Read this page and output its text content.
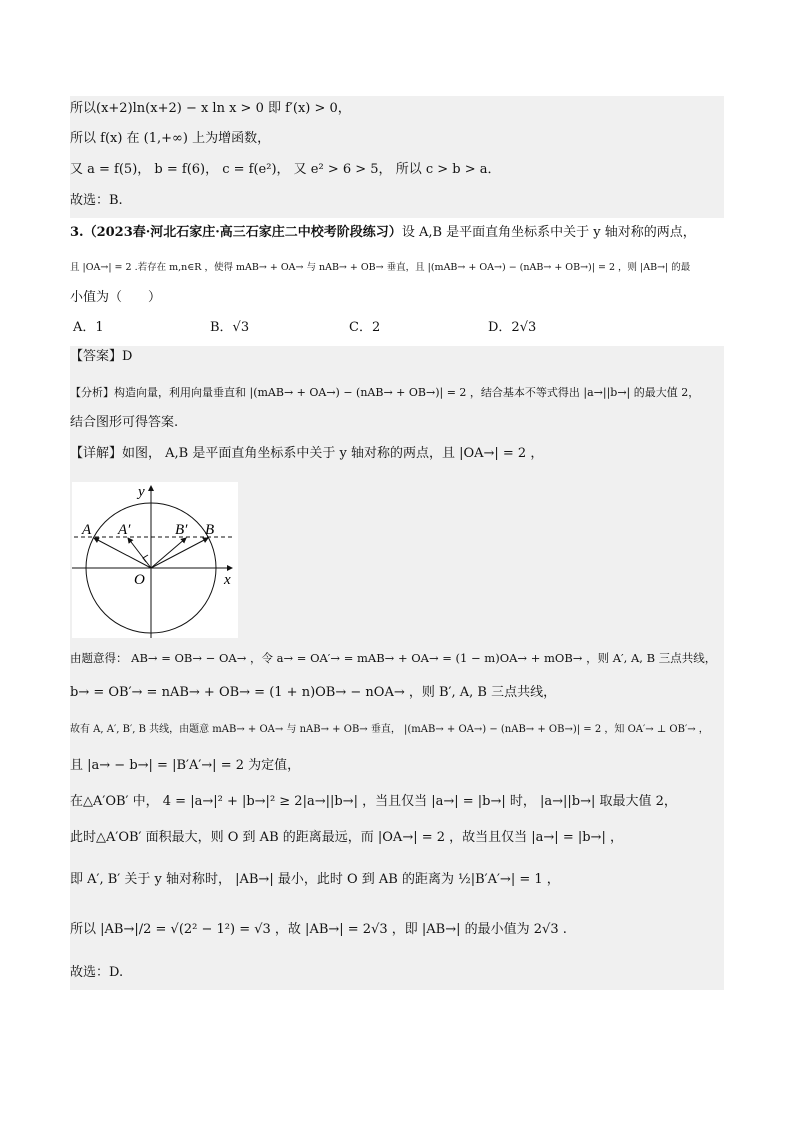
所以(x+2)ln(x+2) − x ln x > 0 即 f′(x) > 0，
所以 f(x) 在 (1,+∞) 上为增函数，
又 a = f(5)， b = f(6)， c = f(e²)， 又 e² > 6 > 5， 所以 c > b > a．
故选：B.
3.（2023春·河北石家庄·高三石家庄二中校考阶段练习）设 A,B 是平面直角坐标系中关于 y 轴对称的两点，
且 |OA→| = 2 .若存在 m,n∈R ，使得 mAB→ + OA→ 与 nAB→ + OB→ 垂直，且 |(mAB→ + OA→) − (nAB→ + OB→)| = 2 ，则 |AB→| 的最
小值为（　　）
A．1	B．√3	C．2	D．2√3
【答案】D
【分析】构造向量，利用向量垂直和 |(mAB→ + OA→) − (nAB→ + OB→)| = 2 ，结合基本不等式得出 |a→||b→| 的最大值 2，
结合图形可得答案.
【详解】如图， A,B 是平面直角坐标系中关于 y 轴对称的两点，且 |OA→| = 2 ，
A A′	B′ B
O	x
y
由题意得： AB→ = OB→ − OA→ ，令 a→ = OA′→ = mAB→ + OA→ = (1 − m)OA→ + mOB→ ，则 A′, A, B 三点共线，
b→ = OB′→ = nAB→ + OB→ = (1 + n)OB→ − nOA→ ，则 B′, A, B 三点共线，
故有 A, A′, B′, B 共线，由题意 mAB→ + OA→ 与 nAB→ + OB→ 垂直， |(mAB→ + OA→) − (nAB→ + OB→)| = 2 ，知 OA′→ ⊥ OB′→ ，
且 |a→ − b→| = |B′A′→| = 2 为定值，
在△A′OB′ 中， 4 = |a→|² + |b→|² ≥ 2|a→||b→| ，当且仅当 |a→| = |b→| 时， |a→||b→| 取最大值 2，
此时△A′OB′ 面积最大，则 O 到 AB 的距离最远，而 |OA→| = 2 ，故当且仅当 |a→| = |b→| ，
即 A′, B′ 关于 y 轴对称时， |AB→| 最小，此时 O 到 AB 的距离为 ½|B′A′→| = 1 ，
所以 |AB→|/2 = √(2² − 1²) = √3 ，故 |AB→| = 2√3 ，即 |AB→| 的最小值为 2√3 .
故选：D.
